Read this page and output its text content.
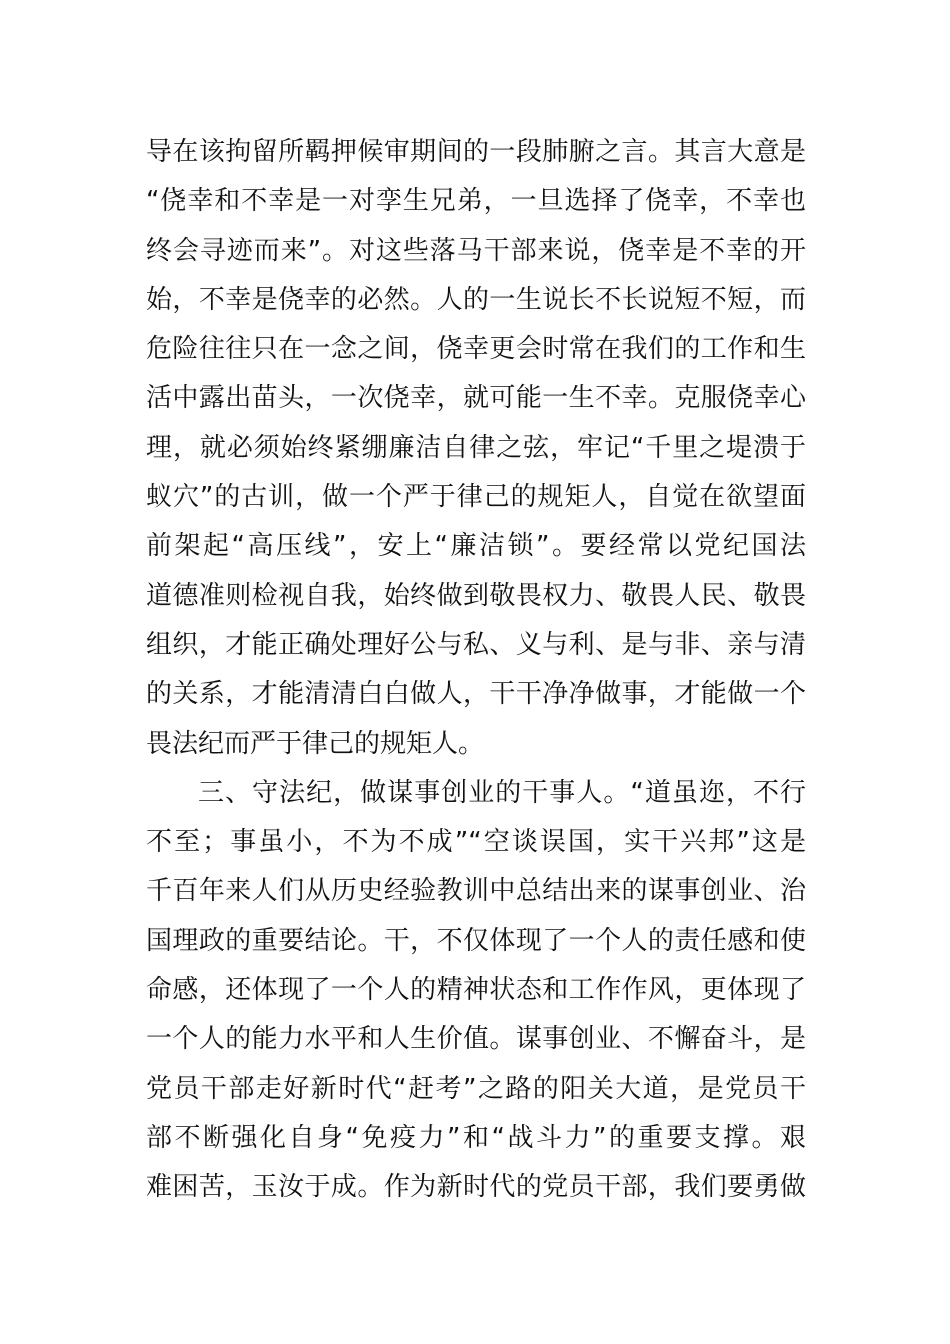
导在该拘留所羁押候审期间的一段肺腑之言。其言大意是
“侥幸和不幸是一对孪生兄弟，一旦选择了侥幸，不幸也
终会寻迹而来”。对这些落马干部来说，侥幸是不幸的开
始，不幸是侥幸的必然。人的一生说长不长说短不短，而
危险往往只在一念之间，侥幸更会时常在我们的工作和生
活中露出苗头，一次侥幸，就可能一生不幸。克服侥幸心
理，就必须始终紧绷廉洁自律之弦，牢记“千里之堤溃于
蚁穴”的古训，做一个严于律己的规矩人，自觉在欲望面
前架起“高压线”，安上“廉洁锁”。要经常以党纪国法
道德准则检视自我，始终做到敬畏权力、敬畏人民、敬畏
组织，才能正确处理好公与私、义与利、是与非、亲与清
的关系，才能清清白白做人，干干净净做事，才能做一个
畏法纪而严于律己的规矩人。
三、守法纪，做谋事创业的干事人。“道虽迩，不行
不至；事虽小，不为不成”“空谈误国，实干兴邦”这是
千百年来人们从历史经验教训中总结出来的谋事创业、治
国理政的重要结论。干，不仅体现了一个人的责任感和使
命感，还体现了一个人的精神状态和工作作风，更体现了
一个人的能力水平和人生价值。谋事创业、不懈奋斗，是
党员干部走好新时代“赶考”之路的阳关大道，是党员干
部不断强化自身“免疫力”和“战斗力”的重要支撑。艰
难困苦，玉汝于成。作为新时代的党员干部，我们要勇做
